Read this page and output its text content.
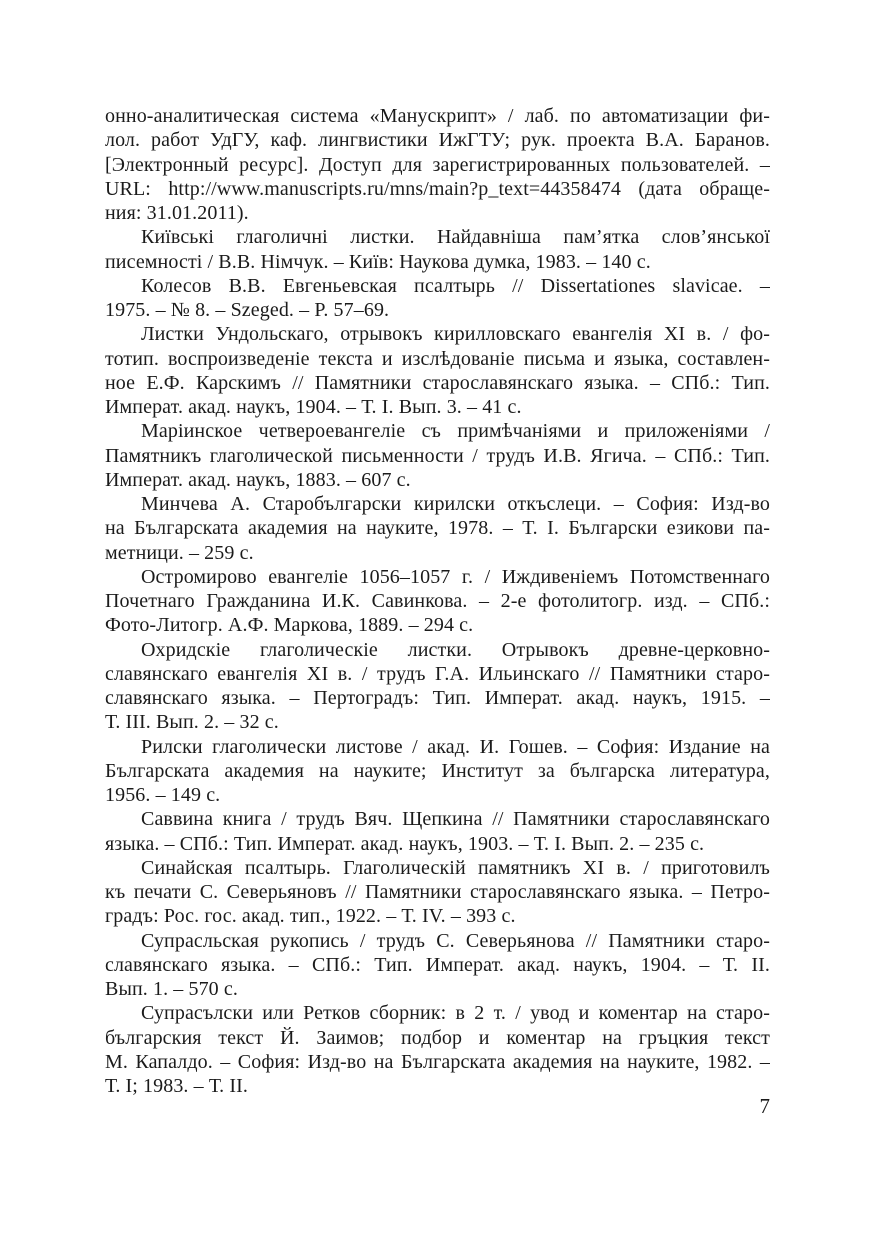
онно-аналитическая система «Манускрипт» / лаб. по автоматизации фи-
лол. работ УдГУ, каф. лингвистики ИжГТУ; рук. проекта В.А. Баранов.
[Электронный ресурс]. Доступ для зарегистрированных пользователей. –
URL: http://www.manuscripts.ru/mns/main?p_text=44358474 (дата обраще-
ния: 31.01.2011).
Київські глаголичні листки. Найдавніша пам’ятка слов’янської
писемності / В.В. Німчук. – Київ: Наукова думка, 1983. – 140 с.
Колесов В.В. Евгеньевская псалтырь // Dissertationes slavicae. –
1975. – № 8. – Szeged. – P. 57–69.
Листки Ундольскаго, отрывокъ кирилловскаго евангелія XI в. / фо-
тотип. воспроизведеніе текста и изслѣдованіе письма и языка, составлен-
ное Е.Ф. Карскимъ // Памятники старославянскаго языка. – СПб.: Тип.
Императ. акад. наукъ, 1904. – Т. I. Вып. 3. – 41 с.
Маріинское четвероевангеліе съ примѣчаніями и приложеніями /
Памятникъ глаголической письменности / трудъ И.В. Ягича. – СПб.: Тип.
Императ. акад. наукъ, 1883. – 607 с.
Минчева А. Старобългарски кирилски откъслеци. – София: Изд-во
на Българската академия на науките, 1978. – Т. I. Български езикови па-
метници. – 259 с.
Остромирово евангеліе 1056–1057 г. / Иждивеніемъ Потомственнаго
Почетнаго Гражданина И.К. Савинкова. – 2-е фотолитогр. изд. – СПб.:
Фото-Литогр. А.Ф. Маркова, 1889. – 294 с.
Охридскіе глаголическіе листки. Отрывокъ древне-церковно-
славянскаго евангелія XI в. / трудъ Г.А. Ильинскаго // Памятники старо-
славянскаго языка. – Пертоградъ: Тип. Императ. акад. наукъ, 1915. –
Т. III. Вып. 2. – 32 с.
Рилски глаголически листове / акад. И. Гошев. – София: Издание на
Българската академия на науките; Институт за българска литература,
1956. – 149 с.
Саввина книга / трудъ Вяч. Щепкина // Памятники старославянскаго
языка. – СПб.: Тип. Императ. акад. наукъ, 1903. – Т. I. Вып. 2. – 235 с.
Синайская псалтырь. Глаголическій памятникъ XI в. / приготовилъ
къ печати С. Северьяновъ // Памятники старославянскаго языка. – Петро-
градъ: Рос. гос. акад. тип., 1922. – Т. IV. – 393 с.
Супрасльская рукопись / трудъ С. Северьянова // Памятники старо-
славянскаго языка. – СПб.: Тип. Императ. акад. наукъ, 1904. – Т. II.
Вып. 1. – 570 с.
Супрасълски или Ретков сборник: в 2 т. / увод и коментар на старо-
българския текст Й. Заимов; подбор и коментар на гръцкия текст
М. Капалдо. – София: Изд-во на Българската академия на науките, 1982. –
Т. I; 1983. – Т. II.
7
